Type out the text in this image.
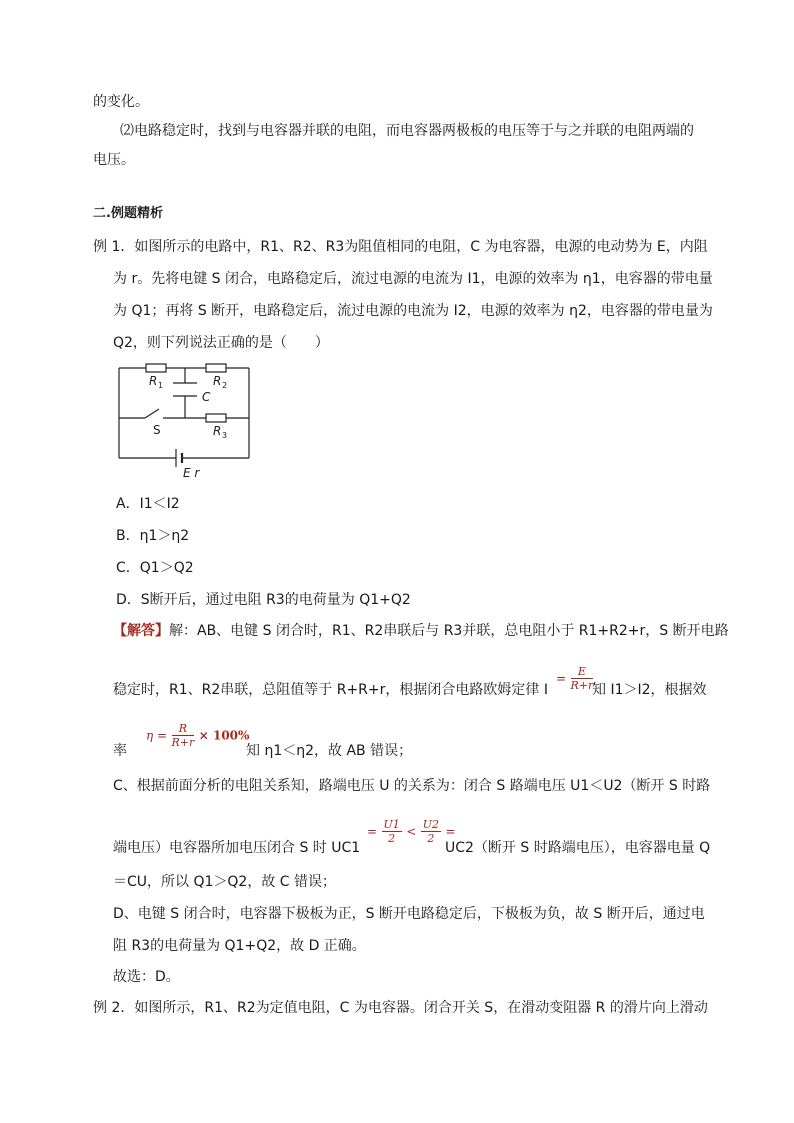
的变化。
⑵电路稳定时，找到与电容器并联的电阻，而电容器两极板的电压等于与之并联的电阻两端的
电压。
二.例题精析
例 1．如图所示的电路中，R1、R2、R3为阻值相同的电阻，C 为电容器，电源的电动势为 E，内阻
为 r。先将电键 S 闭合，电路稳定后，流过电源的电流为 I1，电源的效率为 η1，电容器的带电量
为 Q1；再将 S 断开，电路稳定后，流过电源的电流为 I2，电源的效率为 η2，电容器的带电量为
Q2，则下列说法正确的是（　　）
R 1	R 2
C
S	R 3
E r
A．I1＜I2
B．η1＞η2
C．Q1＞Q2
D．S断开后，通过电阻 R3的电荷量为 Q1+Q2
【解答】解：AB、电键 S 闭合时，R1、R2串联后与 R3并联，总电阻小于 R1+R2+r，S 断开电路
稳定时，R1、R2串联，总阻值等于 R+R+r，根据闭合电路欧姆定律 I
= $\frac{E}{R+r}$
知 I1＞I2，根据效
率
$\eta = \frac{R}{R+r} \times 100\%$
知 η1＜η2，故 AB 错误；
C、根据前面分析的电阻关系知，路端电压 U 的关系为：闭合 S 路端电压 U1＜U2（断开 S 时路
端电压）电容器所加电压闭合 S 时 UC1
= $\frac{U1}{2} < \frac{U2}{2}$ =
UC2（断开 S 时路端电压），电容器电量 Q
＝CU，所以 Q1＞Q2，故 C 错误；
D、电键 S 闭合时，电容器下极板为正，S 断开电路稳定后，下极板为负，故 S 断开后，通过电
阻 R3的电荷量为 Q1+Q2，故 D 正确。
故选：D。
例 2．如图所示，R1、R2为定值电阻，C 为电容器。闭合开关 S，在滑动变阻器 R 的滑片向上滑动
